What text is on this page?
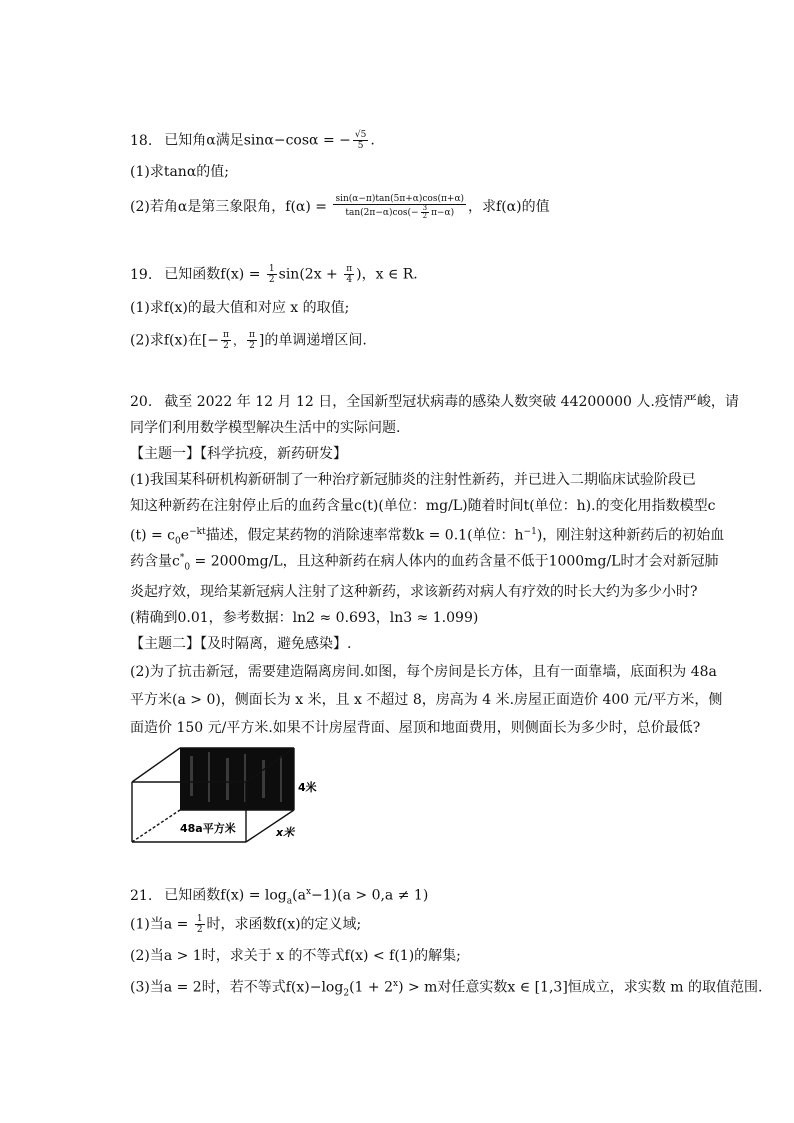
18. 已知角α满足sinα−cosα = − $\frac{√5}{5}$ .
(1)求tanα的值;
(2)若角α是第三象限角，$f(\alpha) = \frac{\sin(\alpha-\pi)\tan(5\pi+\alpha)\cos(\pi+\alpha)}{\tan(2\pi-\alpha)\cos(- \frac{3}{2} \pi-\alpha)}$ ，求f(α)的值
19. 已知函数$f(x) = \frac{1}{2} \sin(2x + \frac{\pi}{4}$ )，x ∈ R.
(1)求f(x)的最大值和对应 x 的取值;
(2)求f(x)在[− $\frac{\pi}{2}$ ， $\frac{\pi}{2}$ ]的单调递增区间.
20. 截至 2022 年 12 月 12 日，全国新型冠状病毒的感染人数突破 44200000 人.疫情严峻，请
同学们利用数学模型解决生活中的实际问题.
【主题一】【科学抗疫，新药研发】
(1)我国某科研机构新研制了一种治疗新冠肺炎的注射性新药，并已进入二期临床试验阶段已
知这种新药在注射停止后的血药含量c(t)(单位：mg/L)随着时间t(单位：h).的变化用指数模型c
$(t) = c_0e^{-kt}$描述，假定某药物的消除速率常数k = 0.1(单位：$h^{-1}$)，刚注射这种新药后的初始血
药含量$c^*_0 = 2000mg/L$，且这种新药在病人体内的血药含量不低于1000mg/L时才会对新冠肺
炎起疗效，现给某新冠病人注射了这种新药，求该新药对病人有疗效的时长大约为多少小时?
(精确到0.01，参考数据：ln2 ≈ 0.693，ln3 ≈ 1.099)
【主题二】【及时隔离，避免感染】.
(2)为了抗击新冠，需要建造隔离房间.如图，每个房间是长方体，且有一面靠墙，底面积为 48a
平方米(a > 0)，侧面长为 x 米，且 x 不超过 8，房高为 4 米.房屋正面造价 400 元/平方米，侧
面造价 150 元/平方米.如果不计房屋背面、屋顶和地面费用，则侧面长为多少时，总价最低?
4米
48a平方米	x米
21. 已知函数$f(x) = \log_a(a^x-1)(a > 0,a \ne 1)$
(1)当$a = \frac{1}{2}$ 时，求函数f(x)的定义域;
(2)当a > 1时，求关于 x 的不等式f(x) < f(1)的解集;
(3)当a = 2时，若不等式$f(x)-\log_2(1 + 2^x) > m$对任意实数x ∈ [1,3]恒成立，求实数 m 的取值范围.
